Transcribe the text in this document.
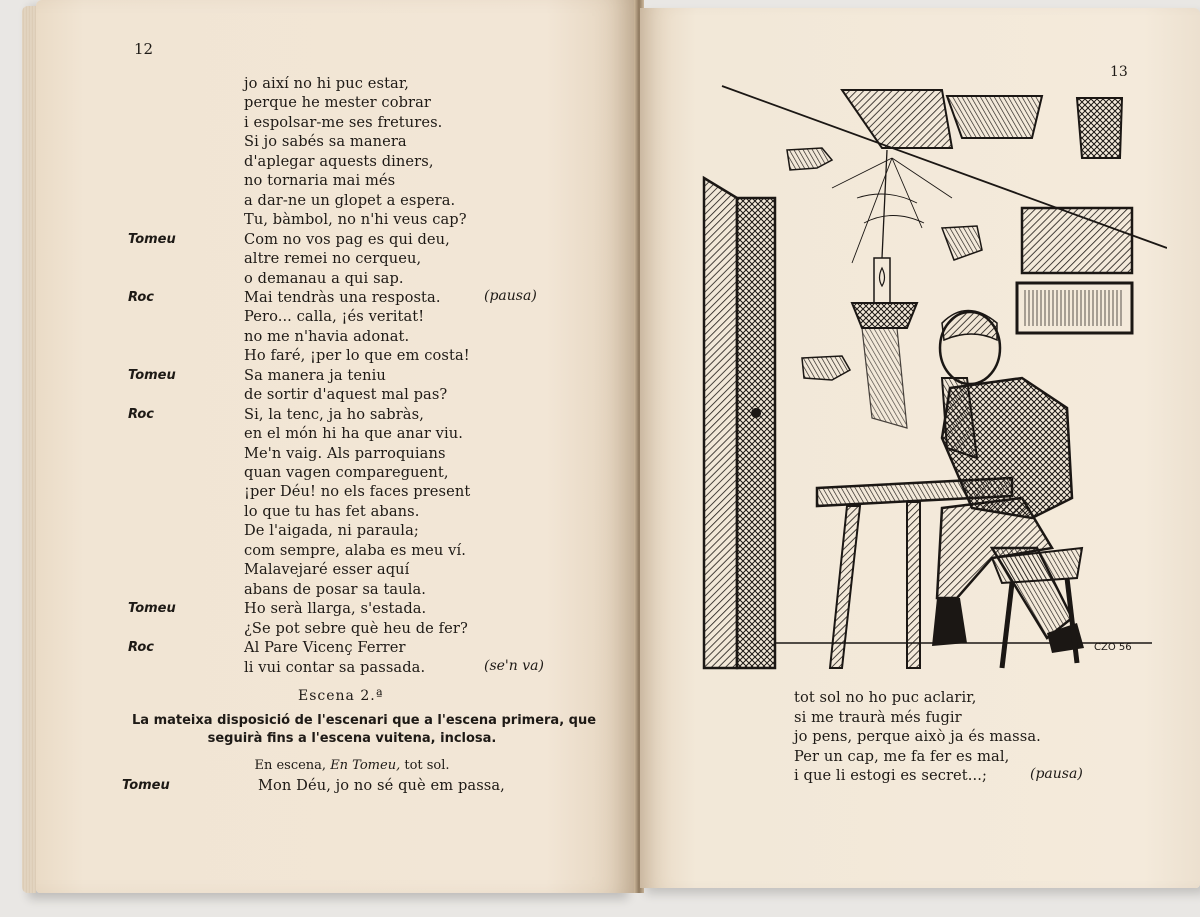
12
jo així no hi puc estar,
perque he mester cobrar
i espolsar-me ses fretures.
Si jo sabés sa manera
d'aplegar aquests diners,
no tornaria mai més
a dar-ne un glopet a espera.
Tu, bàmbol, no n'hi veus cap?
Tomeu	Com no vos pag es qui deu,
altre remei no cerqueu,
o demanau a qui sap.
Roc	Mai tendràs una resposta.	(pausa)
Pero... calla, ¡és veritat!
no me n'havia adonat.
Ho faré, ¡per lo que em costa!
Tomeu	Sa manera ja teniu
de sortir d'aquest mal pas?
Roc	Si, la tenc, ja ho sabràs,
en el món hi ha que anar viu.
Me'n vaig. Als parroquians
quan vagen compareguent,
¡per Déu! no els faces present
lo que tu has fet abans.
De l'aigada, ni paraula;
com sempre, alaba es meu ví.
Malavejaré esser aquí
abans de posar sa taula.
Tomeu	Ho serà llarga, s'estada.
¿Se pot sebre què heu de fer?
Roc	Al Pare Vicenç Ferrer
li vui contar sa passada.	(se'n va)
Escena 2.ª
La mateixa disposició de l'escenari que a l'escena primera, que
seguirà fins a l'escena vuitena, inclosa.
En escena, En Tomeu, tot sol.
Tomeu	Mon Déu, jo no sé què em passa,
13
CZO 56
tot sol no ho puc aclarir,
si me traurà més fugir
jo pens, perque això ja és massa.
Per un cap, me fa fer es mal,
i que li estogi es secret...;	(pausa)
